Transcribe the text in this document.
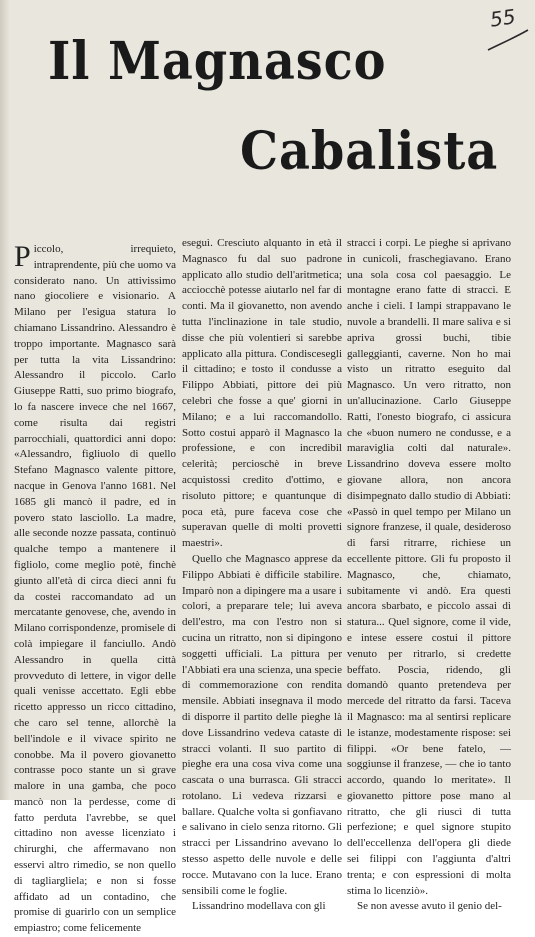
55
Il Magnasco
Cabalista

Piccolo, irrequieto, intraprendente, più che uomo va considerato nano. Un attivissimo nano giocoliere e visionario. A Milano per l'esigua statura lo chiamano Lissandrino. Alessandro è troppo importante. Magnasco sarà per tutta la vita Lissandrino: Alessandro il piccolo. Carlo Giuseppe Ratti, suo primo biografo, lo fa nascere invece che nel 1667, come risulta dai registri parrocchiali, quattordici anni dopo: «Alessandro, figliuolo di quello Stefano Magnasco valente pittore, nacque in Genova l'anno 1681. Nel 1685 gli mancò il padre, ed in povero stato lasciollo. La madre, alle seconde nozze passata, continuò qualche tempo a mantenere il figliolo, come meglio potè, finchè giunto all'età di circa dieci anni fu da costei raccomandato ad un mercatante genovese, che, avendo in Milano corrispondenze, promisele di colà impiegare il fanciullo. Andò Alessandro in quella città provveduto di lettere, in vigor delle quali venisse accettato. Egli ebbe ricetto appresso un ricco cittadino, che caro sel tenne, allorchè la bell'indole e il vivace spirito ne conobbe. Ma il povero giovanetto contrasse poco stante un sì grave malore in una gamba, che poco mancò non la perdesse, come di fatto perduta l'avrebbe, se quel cittadino non avesse licenziato i chirurghi, che affermavano non esservi altro rimedio, se non quello di tagliargliela; e non si fosse affidato ad un contadino, che promise di guarirlo con un semplice empiastro; come felicemente

eseguì. Cresciuto alquanto in età il Magnasco fu dal suo padrone applicato allo studio dell'aritmetica; acciocchè potesse aiutarlo nel far di conti. Ma il giovanetto, non avendo tutta l'inclinazione in tale studio, disse che più volentieri si sarebbe applicato alla pittura. Condiscesegli il cittadino; e tosto il condusse a Filippo Abbiati, pittore dei più celebri che fosse a que' giorni in Milano; e a lui raccomandollo. Sotto costui apparò il Magnasco la professione, e con incredibil celerità; percioschè in breve acquistossi credito d'ottimo, e risoluto pittore; e quantunque di poca età, pure faceva cose che superavan quelle di molti provetti maestri».

Quello che Magnasco apprese da Filippo Abbiati è difficile stabilire. Imparò non a dipingere ma a usare i colori, a preparare tele; lui aveva dell'estro, ma con l'estro non si cucina un ritratto, non si dipingono soggetti ufficiali. La pittura per l'Abbiati era una scienza, una specie di commemorazione con rendita mensile. Abbiati insegnava il modo di disporre il partito delle pieghe là dove Lissandrino vedeva cataste di stracci volanti. Il suo partito di pieghe era una cosa viva come una cascata o una burrasca. Gli stracci rotolano. Li vedeva rizzarsi e ballare. Qualche volta si gonfiavano e salivano in cielo senza ritorno. Gli stracci per Lissandrino avevano lo stesso aspetto delle nuvole e delle rocce. Mutavano con la luce. Erano sensibili come le foglie.

Lissandrino modellava con gli

stracci i corpi. Le pieghe si aprivano in cunicoli, fraschegiavano. Erano una sola cosa col paesaggio. Le montagne erano fatte di stracci. E anche i cieli. I lampi strappavano le nuvole a brandelli. Il mare saliva e si apriva grossi buchi, tibie galleggianti, caverne. Non ho mai visto un ritratto eseguito dal Magnasco. Un vero ritratto, non un'allucinazione. Carlo Giuseppe Ratti, l'onesto biografo, ci assicura che «buon numero ne condusse, e a maraviglia colti dal naturale». Lissandrino doveva essere molto giovane allora, non ancora disimpegnato dallo studio di Abbiati: «Passò in quel tempo per Milano un signore franzese, il quale, desideroso di farsi ritrarre, richiese un eccellente pittore. Gli fu proposto il Magnasco, che, chiamato, subitamente vi andò. Era questi ancora sbarbato, e piccolo assai di statura... Quel signore, come il vide, e intese essere costui il pittore venuto per ritrarlo, si credette beffato. Poscia, ridendo, gli domandò quanto pretendeva per mercede del ritratto da farsi. Taceva il Magnasco: ma al sentirsi replicare le istanze, modestamente rispose: sei filippi. «Or bene fatelo, — soggiunse il franzese, — che io tanto accordo, quando lo meritate». Il giovanetto pittore pose mano al ritratto, che gli riuscì di tutta perfezione; e quel signore stupito dell'eccellenza dell'opera gli diede sei filippi con l'aggiunta d'altri trenta; e con espressioni di molta stima lo licenziò».

Se non avesse avuto il genio del-
